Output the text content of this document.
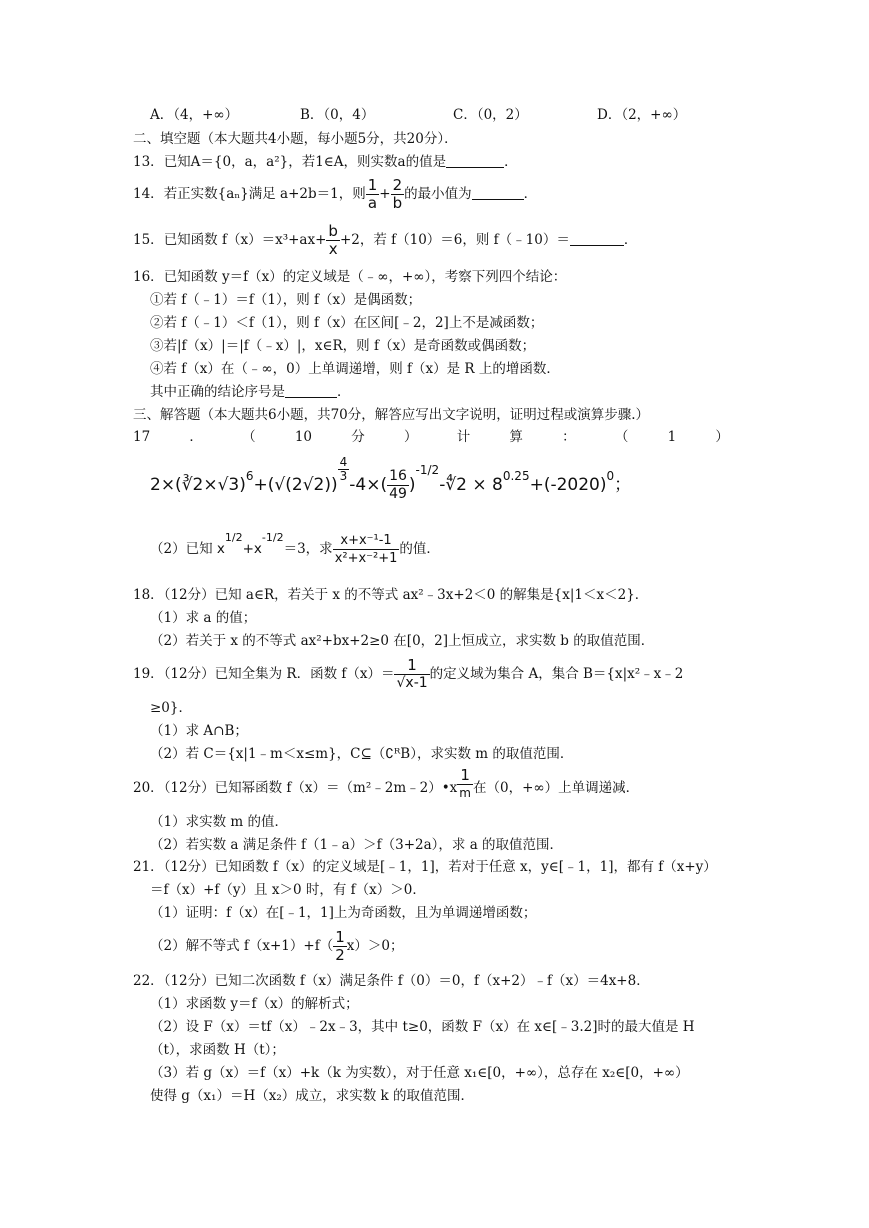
A．（4，+∞）	B．（0，4）	C．（0，2）	D．（2，+∞）
二、填空题（本大题共4小题，每小题5分，共20分）．
13．已知A＝{0，a，a²}，若1∈A，则实数a的值是	．
14．若正实数{aₙ}满足 a+2b＝1，则 $\frac{1}{a} + \frac{2}{b}$ 的最小值为	．
15．已知函数 $f(x)=x^3+ax+ \frac{b}{x} +2$，若 f（10）＝6，则 f（﹣10）＝	．
16．已知函数 y＝f（x）的定义域是（﹣∞，+∞），考察下列四个结论：
①若 f（﹣1）＝f（1），则 f（x）是偶函数；
②若 f（﹣1）＜f（1），则 f（x）在区间[﹣2，2]上不是减函数；
③若|f（x）|＝|f（﹣x）|，x∈R，则 f（x）是奇函数或偶函数；
④若 f（x）在（﹣∞，0）上单调递增，则 f（x）是 R 上的增函数．
其中正确的结论序号是	．
三、解答题（本大题共6小题，共70分，解答应写出文字说明，证明过程或演算步骤.）
17	．	（	10	分	）	计	算	：	（	1	）
2×(∛2×√3)$^6$+(√(2√2))
$\frac{4}{3}$
$-4\times( \frac{16}{49}$ )$^{-1/2}-∜2 \times 8^{0.25}+(-2020)^0$；
（2）已知 $x^{1/2}+x^{-1/2}=3$，求 $\frac{\text{x+x⁻¹-1}}{\text{x²+x⁻²+1}}$ 的值．
18．（12分）已知 a∈R，若关于 x 的不等式 ax²﹣3x+2＜0 的解集是{x|1＜x＜2}．
（1）求 a 的值；
（2）若关于 x 的不等式 ax²+bx+2≥0 在[0，2]上恒成立，求实数 b 的取值范围．
19．（12分）已知全集为 R．函数 $f(x)= \frac{1}{√x-1}$ 的定义域为集合 A，集合 B＝{x|x²﹣x﹣2
≥0}．
（1）求 A∩B；
（2）若 C＝{x|1﹣m＜x≤m}，C⊆（∁ᴿB），求实数 m 的取值范围．
20．（12分）已知幂函数 f（x）＝（m²﹣2m﹣2）•x
1
m 在（0，+∞）上单调递减．
（1）求实数 m 的值．
（2）若实数 a 满足条件 f（1﹣a）＞f（3+2a），求 a 的取值范围．
21．（12分）已知函数 f（x）的定义域是[﹣1，1]，若对于任意 x，y∈[﹣1，1]，都有 f（x+y）
＝f（x）+f（y）且 x＞0 时，有 f（x）＞0．
（1）证明：f（x）在[﹣1，1]上为奇函数，且为单调递增函数；
（2）解不等式 $f(x+1)+f( \frac{1}{2} x)>0$；
22．（12分）已知二次函数 f（x）满足条件 f（0）＝0，f（x+2）﹣f（x）＝4x+8．
（1）求函数 y＝f（x）的解析式；
（2）设 F（x）＝tf（x）﹣2x﹣3，其中 t≥0，函数 F（x）在 x∈[﹣3.2]时的最大值是 H
（t），求函数 H（t）；
（3）若 g（x）＝f（x）+k（k 为实数），对于任意 x₁∈[0，+∞），总存在 x₂∈[0，+∞）
使得 g（x₁）＝H（x₂）成立，求实数 k 的取值范围．
